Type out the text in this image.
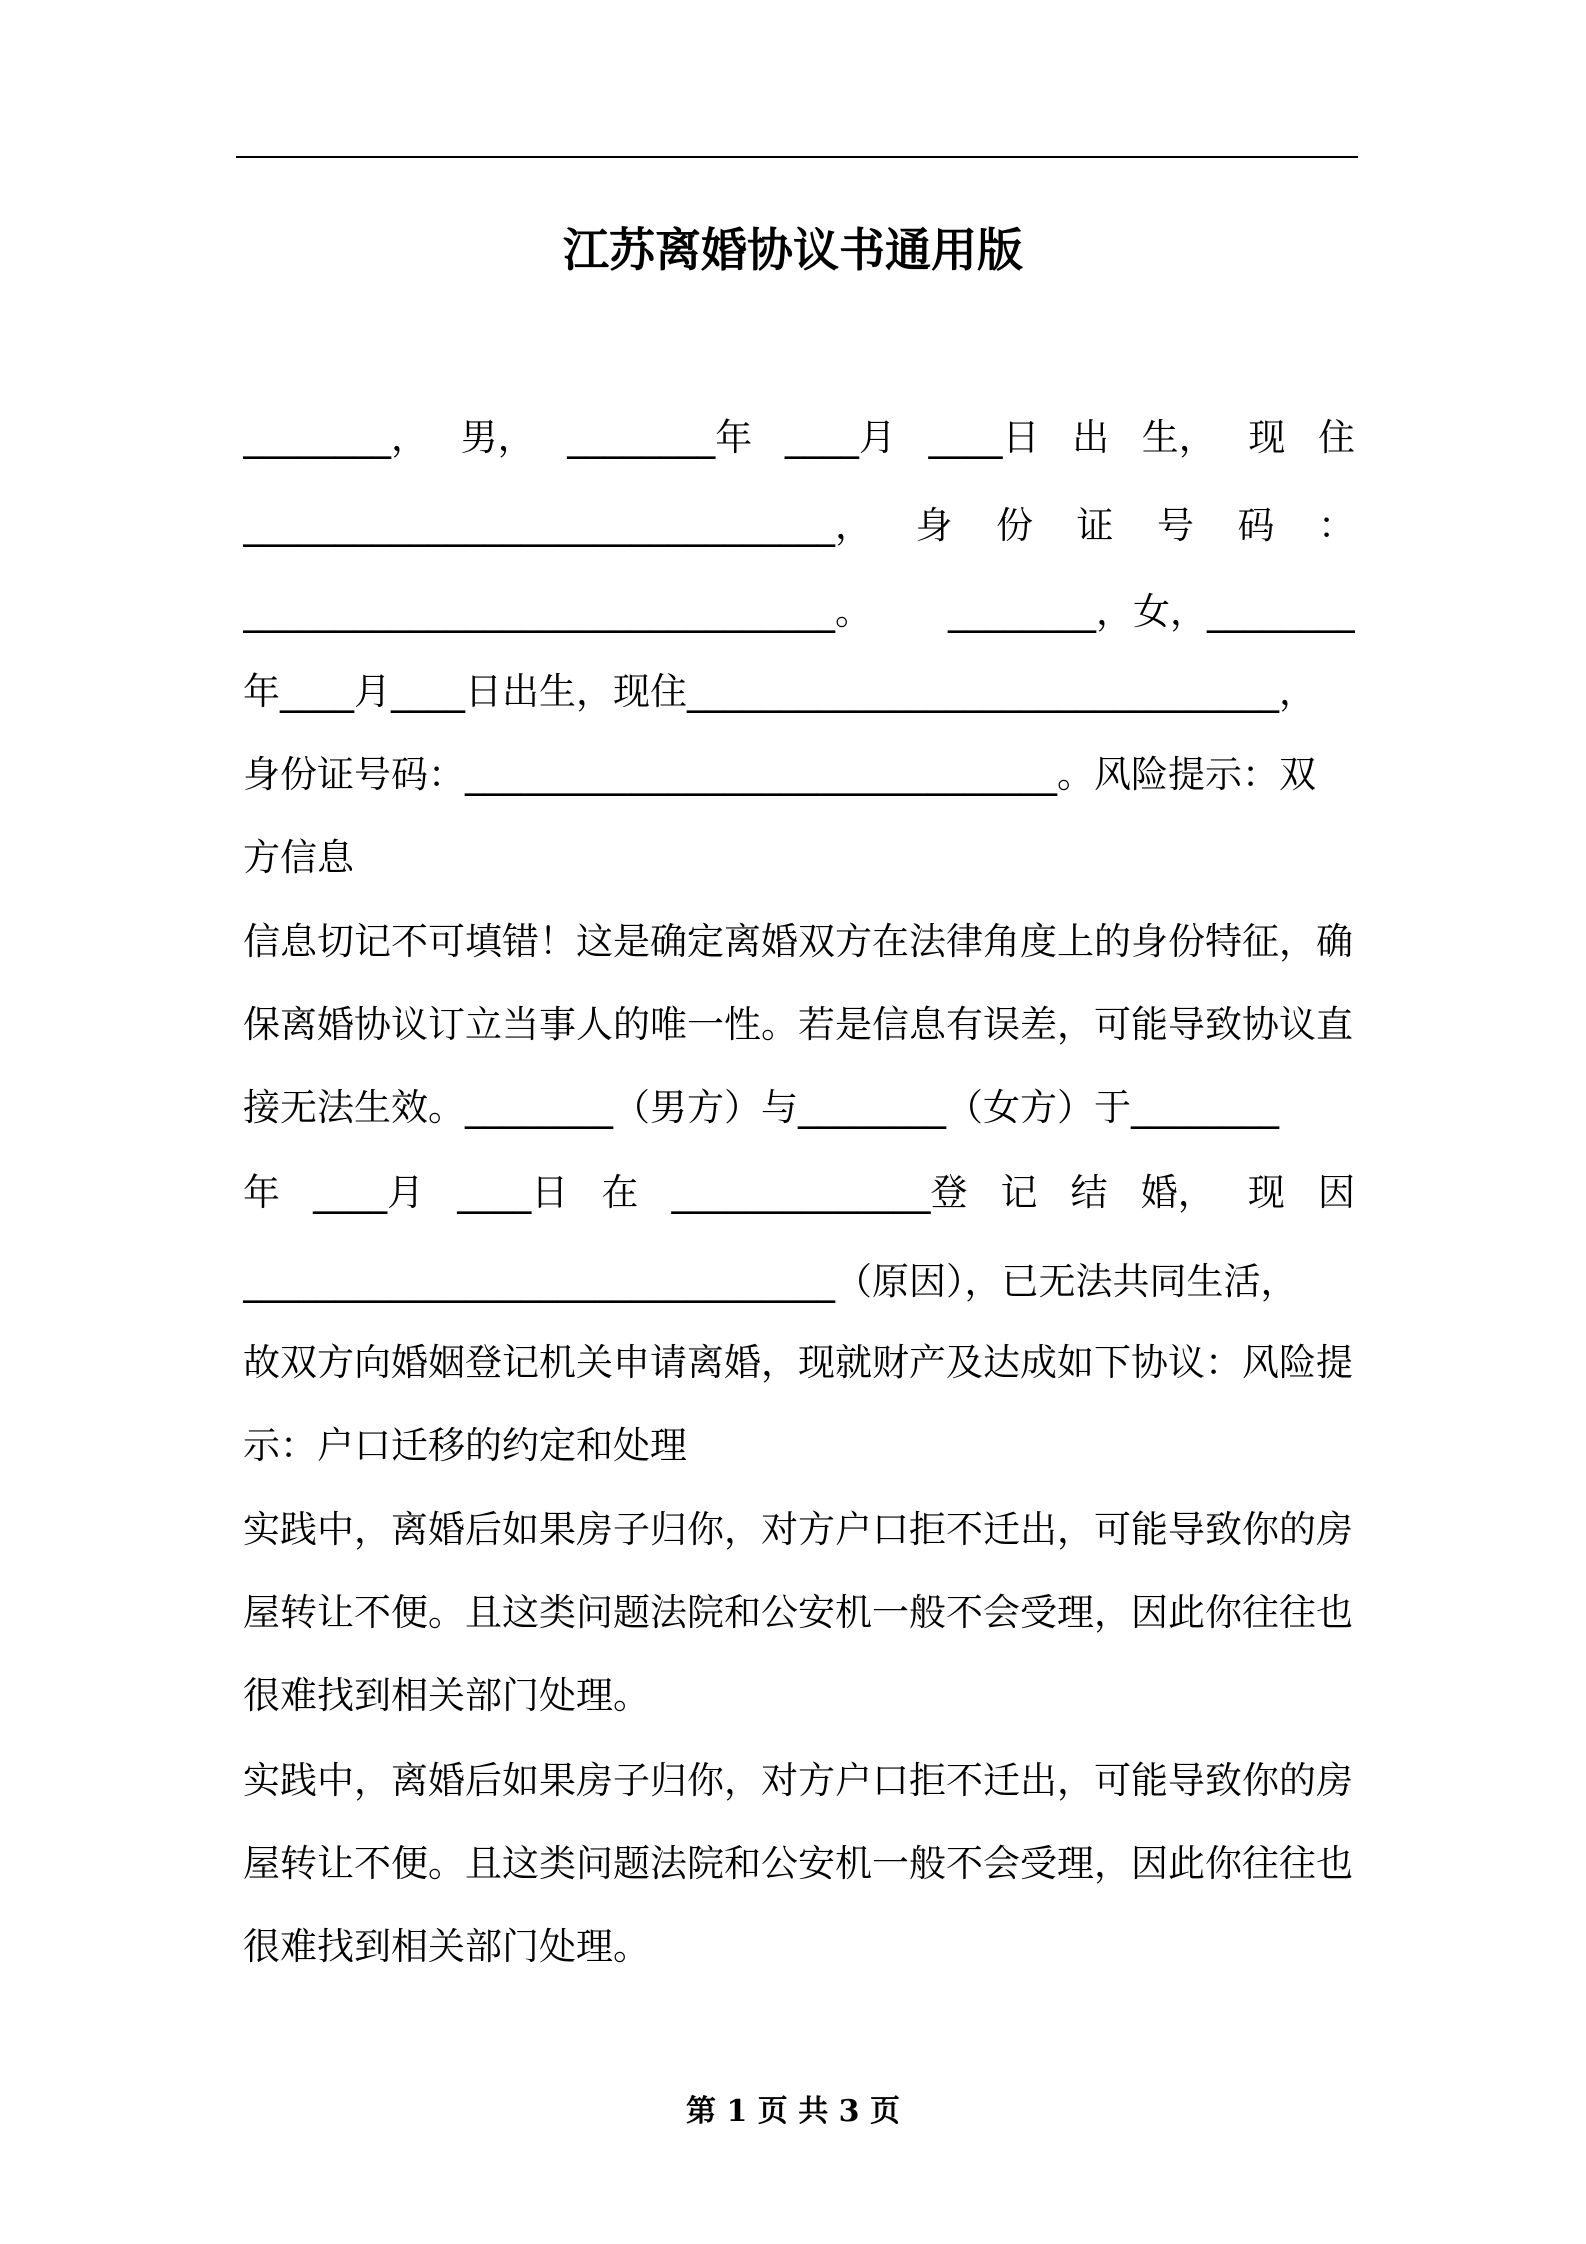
江苏离婚协议书通用版
________， 男， ________年 ____月 ____日 出 生， 现 住
________________________________， 身 份 证 号 码 ：
________________________________。 ________，女，________
年____月____日出生，现住________________________________，
身份证号码：________________________________。风险提示：双
方信息
信息切记不可填错！这是确定离婚双方在法律角度上的身份特征，确
保离婚协议订立当事人的唯一性。若是信息有误差，可能导致协议直
接无法生效。________（男方）与________（女方）于________
年 ____月 ____日 在 ______________登 记 结 婚， 现 因
________________________________（原因），已无法共同生活，
故双方向婚姻登记机关申请离婚，现就财产及达成如下协议：风险提
示：户口迁移的约定和处理
实践中，离婚后如果房子归你，对方户口拒不迁出，可能导致你的房
屋转让不便。且这类问题法院和公安机一般不会受理，因此你往往也
很难找到相关部门处理。
实践中，离婚后如果房子归你，对方户口拒不迁出，可能导致你的房
屋转让不便。且这类问题法院和公安机一般不会受理，因此你往往也
很难找到相关部门处理。
第 1 页 共 3 页
